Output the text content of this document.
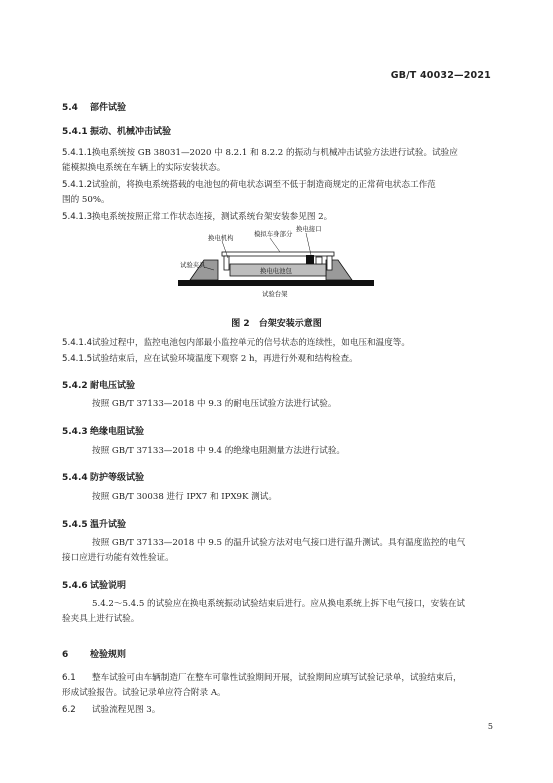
GB/T 40032—2021
5.4 部件试验
5.4.1 振动、机械冲击试验
5.4.1.1换电系统按 GB 38031—2020 中 8.2.1 和 8.2.2 的振动与机械冲击试验方法进行试验。试验应
能模拟换电系统在车辆上的实际安装状态。
5.4.1.2试验前，将换电系统搭载的电池包的荷电状态调至不低于制造商规定的正常荷电状态工作范
围的 50%。
5.4.1.3换电系统按照正常工作状态连接，测试系统台架安装参见图 2。
换电机构	模拟车身部分
换电接口
试验夹具
换电电池包
试验台架
图 2　台架安装示意图
5.4.1.4试验过程中，监控电池包内部最小监控单元的信号状态的连续性，如电压和温度等。
5.4.1.5试验结束后，应在试验环境温度下观察 2 h，再进行外观和结构检查。
5.4.2 耐电压试验
按照 GB/T 37133—2018 中 9.3 的耐电压试验方法进行试验。
5.4.3 绝缘电阻试验
按照 GB/T 37133—2018 中 9.4 的绝缘电阻测量方法进行试验。
5.4.4 防护等级试验
按照 GB/T 30038 进行 IPX7 和 IPX9K 测试。
5.4.5 温升试验
按照 GB/T 37133—2018 中 9.5 的温升试验方法对电气接口进行温升测试。具有温度监控的电气
接口应进行功能有效性验证。
5.4.6 试验说明
5.4.2～5.4.5 的试验应在换电系统振动试验结束后进行。应从换电系统上拆下电气接口，安装在试
验夹具上进行试验。
6 检验规则
6.1 整车试验可由车辆制造厂在整车可靠性试验期间开展，试验期间应填写试验记录单，试验结束后，
形成试验报告。试验记录单应符合附录 A。
6.2 试验流程见图 3。
5
